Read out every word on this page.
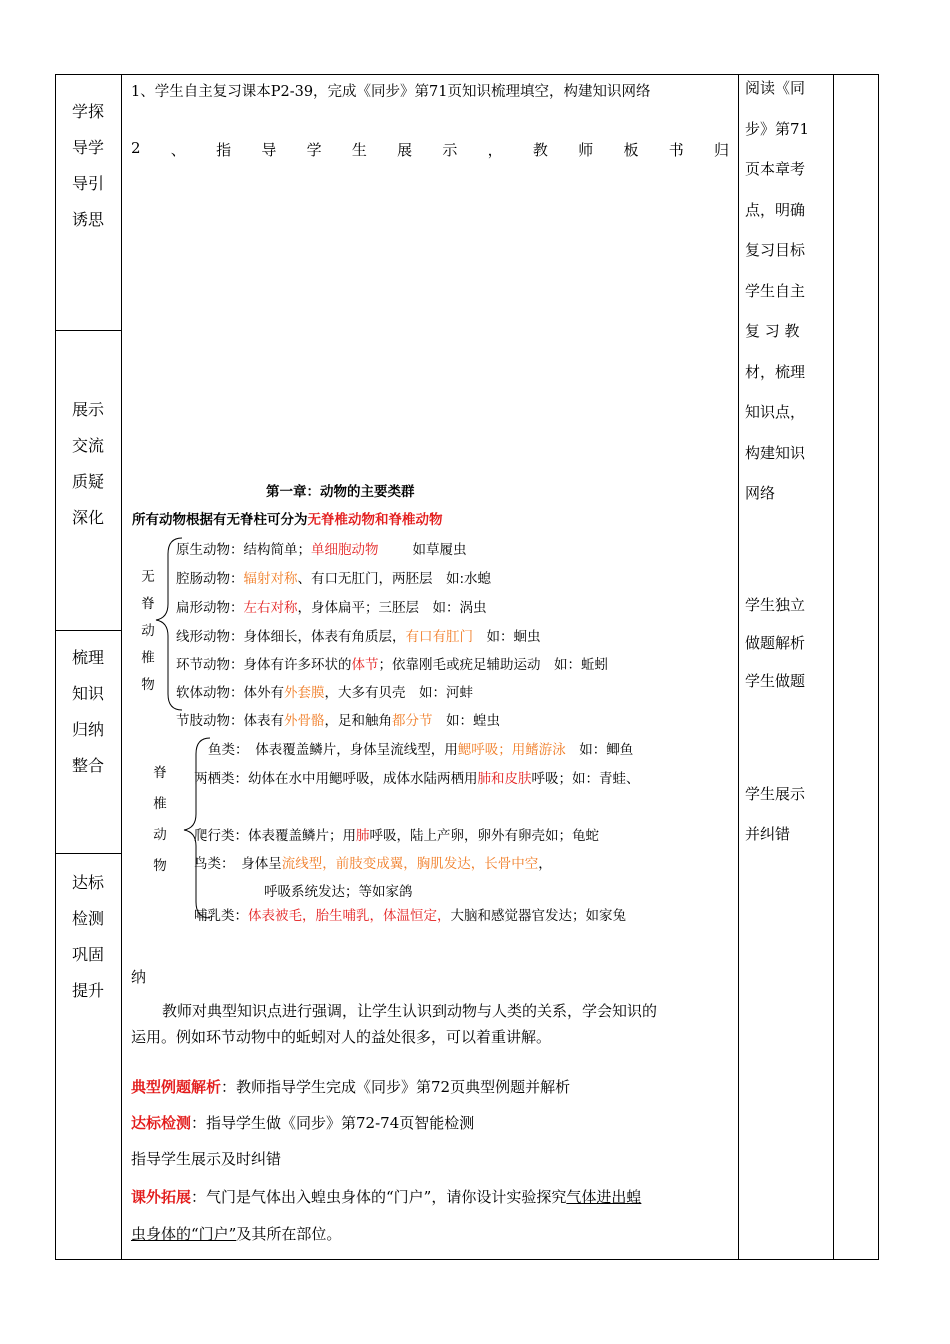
学探
导学
导引
诱思
展示
交流
质疑
深化
梳理
知识
归纳
整合
达标
检测
巩固
提升
1、学生自主复习课本P2-39，完成《同步》第71页知识梳理填空，构建知识网络
2 、 指 导 学 生 展 示 ， 教 师 板 书 归
第一章：动物的主要类群
所有动物根据有无脊柱可分为无脊椎动物和脊椎动物
无
脊
动
椎
物
脊
椎
动
物
原生动物：结构简单；单细胞动物	如草履虫
腔肠动物：辐射对称、有口无肛门，两胚层　如:水螅
扁形动物：左右对称，身体扁平；三胚层　如：涡虫
线形动物：身体细长，体表有角质层，有口有肛门　如：蛔虫
环节动物：身体有许多环状的体节；依靠刚毛或疣足辅助运动　如：蚯蚓
软体动物：体外有外套膜，大多有贝壳　如：河蚌
节肢动物：体表有外骨骼，足和触角都分节　如：蝗虫
鱼类：　体表覆盖鳞片，身体呈流线型，用鳃呼吸；用鳍游泳　如：鲫鱼
两栖类：幼体在水中用鳃呼吸，成体水陆两栖用肺和皮肤呼吸；如：青蛙、
爬行类：体表覆盖鳞片；用肺呼吸，陆上产卵，卵外有卵壳如；龟蛇
鸟类：　身体呈流线型，前肢变成翼，胸肌发达，长骨中空，
呼吸系统发达；等如家鸽
哺乳类：体表被毛，胎生哺乳，体温恒定，大脑和感觉器官发达；如家兔
纳
教师对典型知识点进行强调，让学生认识到动物与人类的关系，学会知识的
运用。例如环节动物中的蚯蚓对人的益处很多，可以着重讲解。
典型例题解析：教师指导学生完成《同步》第72页典型例题并解析
达标检测：指导学生做《同步》第72-74页智能检测
指导学生展示及时纠错
课外拓展：气门是气体出入蝗虫身体的“门户”，请你设计实验探究气体进出蝗
虫身体的“门户”及其所在部位。
阅读《同
步》第71
页本章考
点，明确
复习目标
学生自主
复 习 教
材，梳理
知识点，
构建知识
网络
学生独立
做题解析
学生做题
学生展示
并纠错
